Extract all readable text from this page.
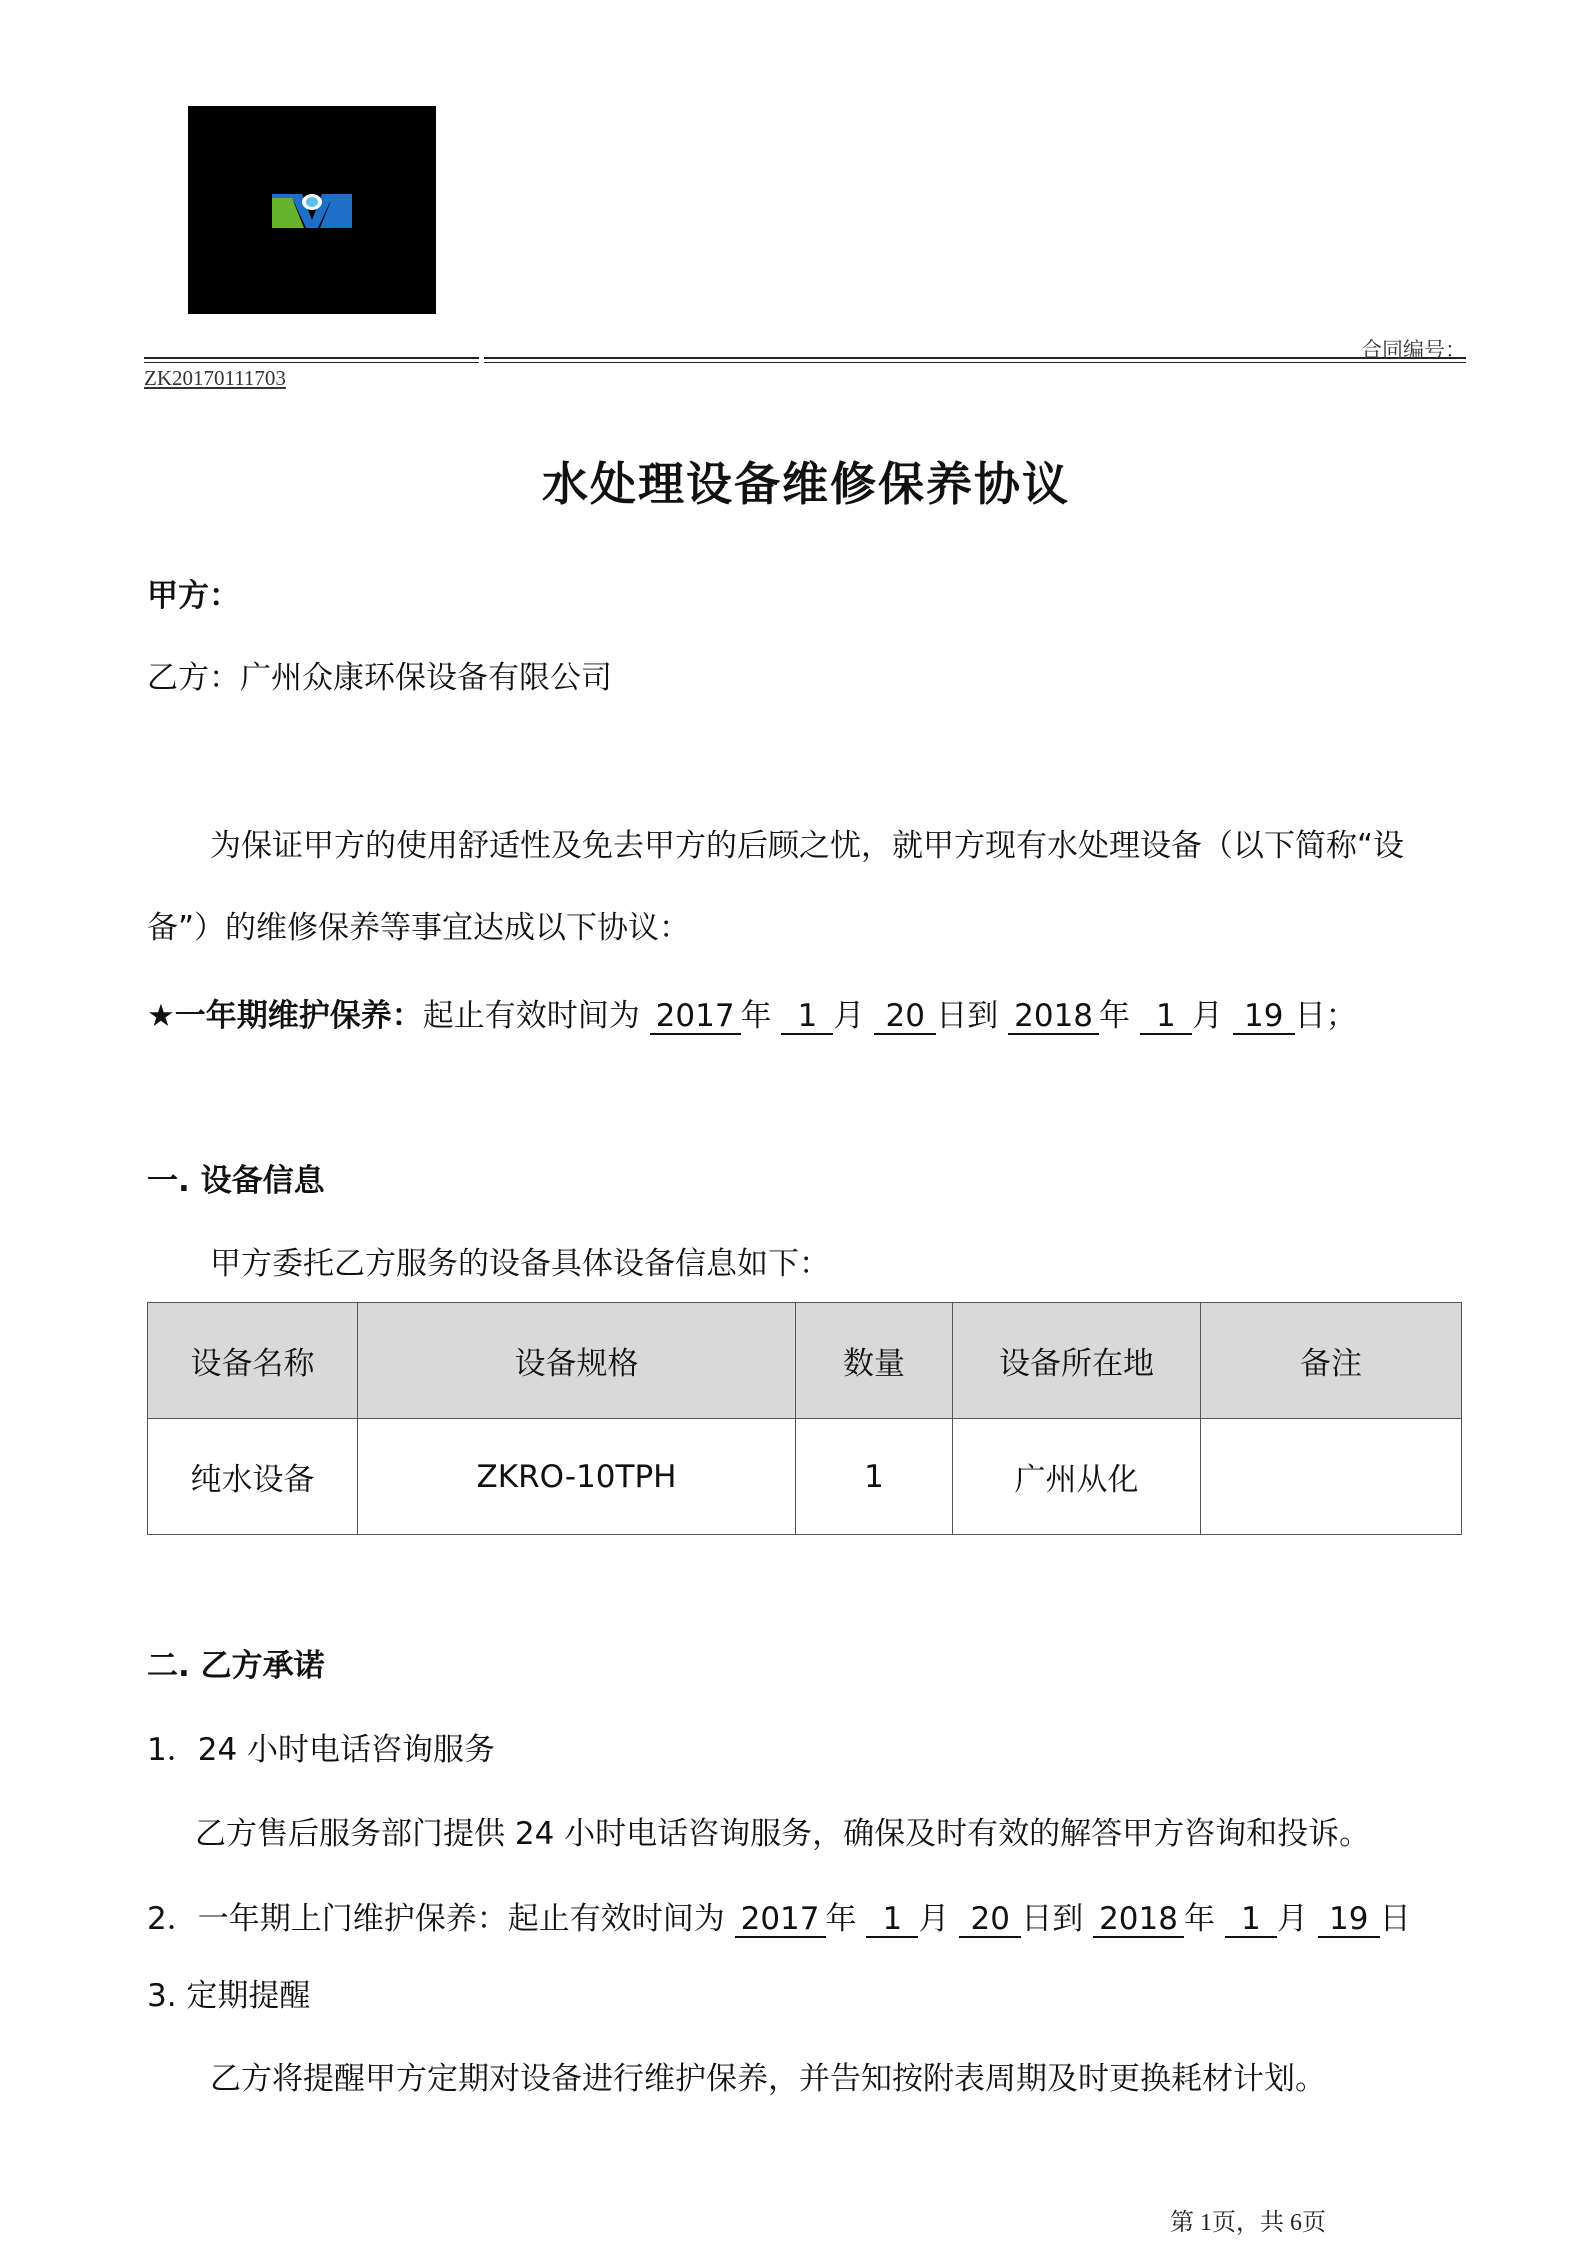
合同编号：
ZK20170111703
水处理设备维修保养协议
甲方：
乙方：广州众康环保设备有限公司
为保证甲方的使用舒适性及免去甲方的后顾之忧，就甲方现有水处理设备（以下简称“设
备”）的维修保养等事宜达成以下协议：
★一年期维护保养：起止有效时间为 2017 年 1 月 20 日到 2018 年 1 月 19 日；
一. 设备信息
甲方委托乙方服务的设备具体设备信息如下：
设备名称	设备规格	数量	设备所在地	备注
纯水设备	ZKRO-10TPH	1	广州从化	
二. 乙方承诺
1．24 小时电话咨询服务
乙方售后服务部门提供 24 小时电话咨询服务，确保及时有效的解答甲方咨询和投诉。
2．一年期上门维护保养：起止有效时间为 2017 年 1 月 20 日到 2018 年 1 月 19 日
3. 定期提醒
乙方将提醒甲方定期对设备进行维护保养，并告知按附表周期及时更换耗材计划。
第 1页，共 6页
